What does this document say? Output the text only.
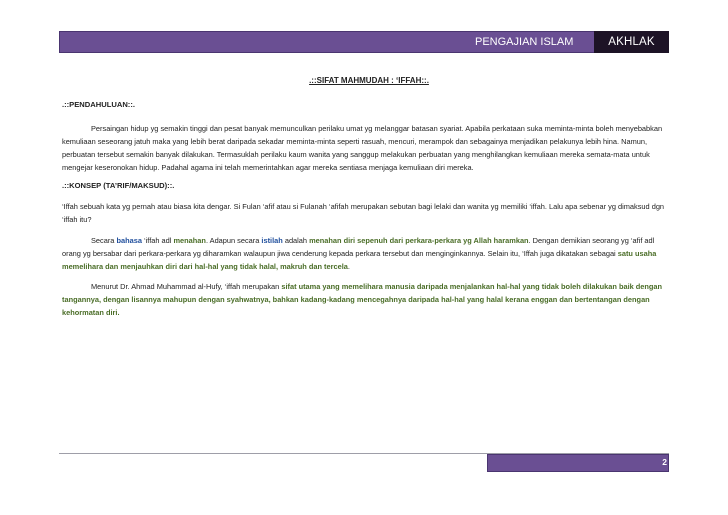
PENGAJIAN ISLAM	AKHLAK
.::SIFAT MAHMUDAH : ‘IFFAH::.
.::PENDAHULUAN::.

Persaingan hidup yg semakin tinggi dan pesat banyak memunculkan perilaku umat yg melanggar batasan syariat. Apabila perkataan suka meminta-minta boleh menyebabkan kemuliaan seseorang jatuh maka yang lebih berat daripada sekadar meminta-minta seperti rasuah, mencuri, merampok dan sebagainya menjadikan pelakunya lebih hina. Namun, perbuatan tersebut semakin banyak dilakukan. Termasuklah perilaku kaum wanita yang sanggup melakukan perbuatan yang menghilangkan kemuliaan mereka semata-mata untuk mengejar keseronokan hidup. Padahal agama ini telah memerintahkan agar mereka sentiasa menjaga kemuliaan diri mereka.

.::KONSEP (TA’RIF/MAKSUD)::.

‘Iffah sebuah kata yg pernah atau biasa kita dengar. Si Fulan ‘afif atau si Fulanah ‘afifah merupakan sebutan bagi lelaki dan wanita yg memiliki ‘iffah. Lalu apa sebenar yg dimaksud dgn ‘iffah itu?

Secara bahasa ‘iffah adl menahan. Adapun secara istilah adalah menahan diri sepenuh dari perkara-perkara yg Allah haramkan. Dengan demikian seorang yg ‘afif adl orang yg bersabar dari perkara-perkara yg diharamkan walaupun jiwa cenderung kepada perkara tersebut dan menginginkannya. Selain itu, ‘Iffah juga dikatakan sebagai satu usaha memelihara dan menjauhkan diri dari hal-hal yang tidak halal, makruh dan tercela.

Menurut Dr. Ahmad Muhammad al-Hufy, ‘iffah merupakan sifat utama yang memelihara manusia daripada menjalankan hal-hal yang tidak boleh dilakukan baik dengan tangannya, dengan lisannya mahupun dengan syahwatnya, bahkan kadang-kadang mencegahnya daripada hal-hal yang halal kerana enggan dan bertentangan dengan kehormatan diri.

2
